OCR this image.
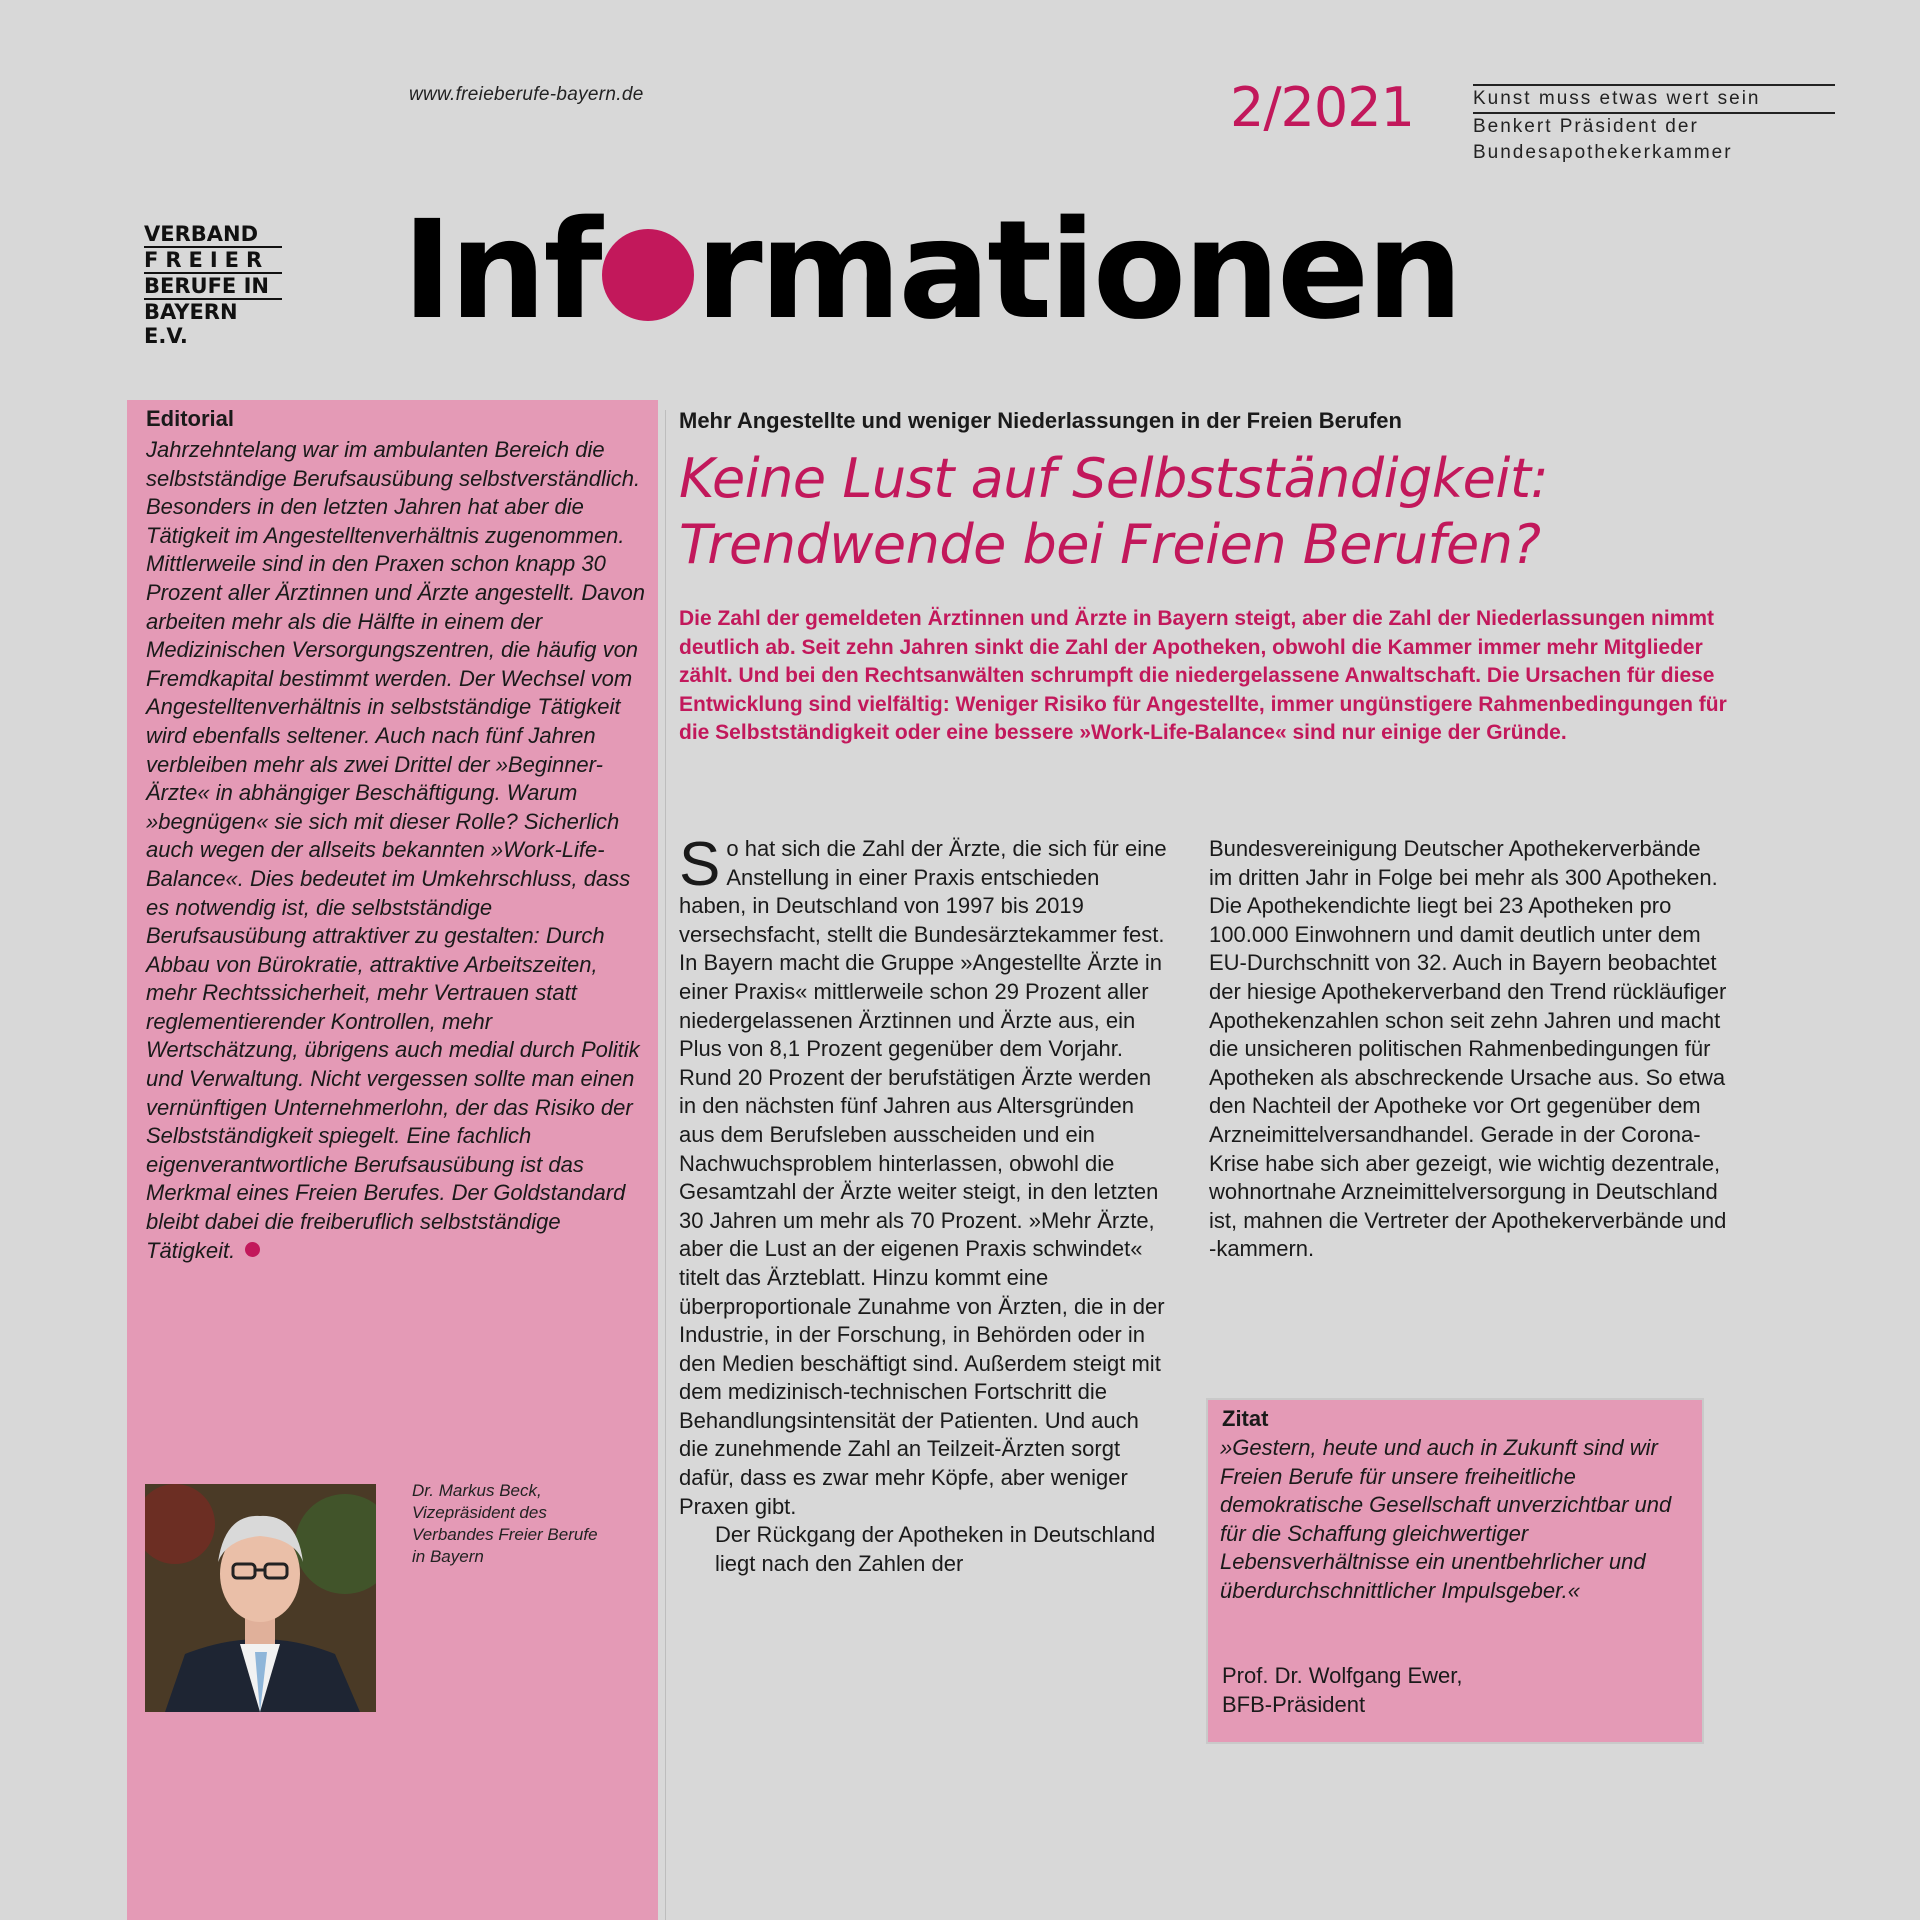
www.freieberufe-bayern.de	2/2021	Kunst muss etwas wert sein
Benkert Präsident der
Bundesapothekerkammer
VERBAND
FREIER
BERUFE IN
BAYERN E.V.	Inf rmationen
Editorial
Jahrzehntelang war im ambulanten Bereich die selbstständige Berufsausübung selbstverständlich. Besonders in den letzten Jahren hat aber die Tätigkeit im Angestelltenverhältnis zugenommen. Mittlerweile sind in den Praxen schon knapp 30 Prozent aller Ärztinnen und Ärzte angestellt. Davon arbeiten mehr als die Hälfte in einem der Medizinischen Versorgungszentren, die häufig von Fremdkapital bestimmt werden. Der Wechsel vom Angestelltenverhältnis in selbstständige Tätigkeit wird ebenfalls seltener. Auch nach fünf Jahren verbleiben mehr als zwei Drittel der »Beginner-Ärzte« in abhängiger Beschäftigung. Warum »begnügen« sie sich mit dieser Rolle? Sicherlich auch wegen der allseits bekannten »Work-Life-Balance«. Dies bedeutet im Umkehrschluss, dass es notwendig ist, die selbstständige Berufsausübung attraktiver zu gestalten: Durch Abbau von Bürokratie, attraktive Arbeitszeiten, mehr Rechtssicherheit, mehr Vertrauen statt reglementierender Kontrollen, mehr Wertschätzung, übrigens auch medial durch Politik und Verwaltung. Nicht vergessen sollte man einen vernünftigen Unternehmerlohn, der das Risiko der Selbstständigkeit spiegelt. Eine fachlich eigenverantwortliche Berufsausübung ist das Merkmal eines Freien Berufes. Der Goldstandard bleibt dabei die freiberuflich selbstständige Tätigkeit.
Dr. Markus Beck, Vizepräsident des Verbandes Freier Berufe in Bayern
Mehr Angestellte und weniger Niederlassungen in der Freien Berufen
Keine Lust auf Selbstständigkeit: Trendwende bei Freien Berufen?
Die Zahl der gemeldeten Ärztinnen und Ärzte in Bayern steigt, aber die Zahl der Niederlassungen nimmt deutlich ab. Seit zehn Jahren sinkt die Zahl der Apotheken, obwohl die Kammer immer mehr Mitglieder zählt. Und bei den Rechtsanwälten schrumpft die niedergelassene Anwaltschaft. Die Ursachen für diese Entwicklung sind vielfältig: Weniger Risiko für Angestellte, immer ungünstigere Rahmenbedingungen für die Selbstständigkeit oder eine bessere »Work-Life-Balance« sind nur einige der Gründe.

So hat sich die Zahl der Ärzte, die sich für eine Anstellung in einer Praxis entschieden haben, in Deutschland von 1997 bis 2019 versechsfacht, stellt die Bundesärztekammer fest. In Bayern macht die Gruppe »Angestellte Ärzte in einer Praxis« mittlerweile schon 29 Prozent aller niedergelassenen Ärztinnen und Ärzte aus, ein Plus von 8,1 Prozent gegenüber dem Vorjahr. Rund 20 Prozent der berufstätigen Ärzte werden in den nächsten fünf Jahren aus Altersgründen aus dem Berufsleben ausscheiden und ein Nachwuchsproblem hinterlassen, obwohl die Gesamtzahl der Ärzte weiter steigt, in den letzten 30 Jahren um mehr als 70 Prozent. »Mehr Ärzte, aber die Lust an der eigenen Praxis schwindet« titelt das Ärzteblatt. Hinzu kommt eine überproportionale Zunahme von Ärzten, die in der Industrie, in der Forschung, in Behörden oder in den Medien beschäftigt sind. Außerdem steigt mit dem medizinisch-technischen Fortschritt die Behandlungsintensität der Patienten. Und auch die zunehmende Zahl an Teilzeit-Ärzten sorgt dafür, dass es zwar mehr Köpfe, aber weniger Praxen gibt.

Der Rückgang der Apotheken in Deutschland liegt nach den Zahlen der

Bundesvereinigung Deutscher Apothekerverbände im dritten Jahr in Folge bei mehr als 300 Apotheken. Die Apothekendichte liegt bei 23 Apotheken pro 100.000 Einwohnern und damit deutlich unter dem EU-Durchschnitt von 32. Auch in Bayern beobachtet der hiesige Apothekerverband den Trend rückläufiger Apothekenzahlen schon seit zehn Jahren und macht die unsicheren politischen Rahmenbedingungen für Apotheken als abschreckende Ursache aus. So etwa den Nachteil der Apotheke vor Ort gegenüber dem Arzneimittelversandhandel. Gerade in der Corona-Krise habe sich aber gezeigt, wie wichtig dezentrale, wohnortnahe Arzneimittelversorgung in Deutschland ist, mahnen die Vertreter der Apothekerverbände und -kammern.

Zitat
»Gestern, heute und auch in Zukunft sind wir Freien Berufe für unsere freiheitliche demokratische Gesellschaft unverzichtbar und für die Schaffung gleichwertiger Lebensverhältnisse ein unentbehrlicher und überdurchschnittlicher Impulsgeber.«
Prof. Dr. Wolfgang Ewer,
BFB-Präsident
